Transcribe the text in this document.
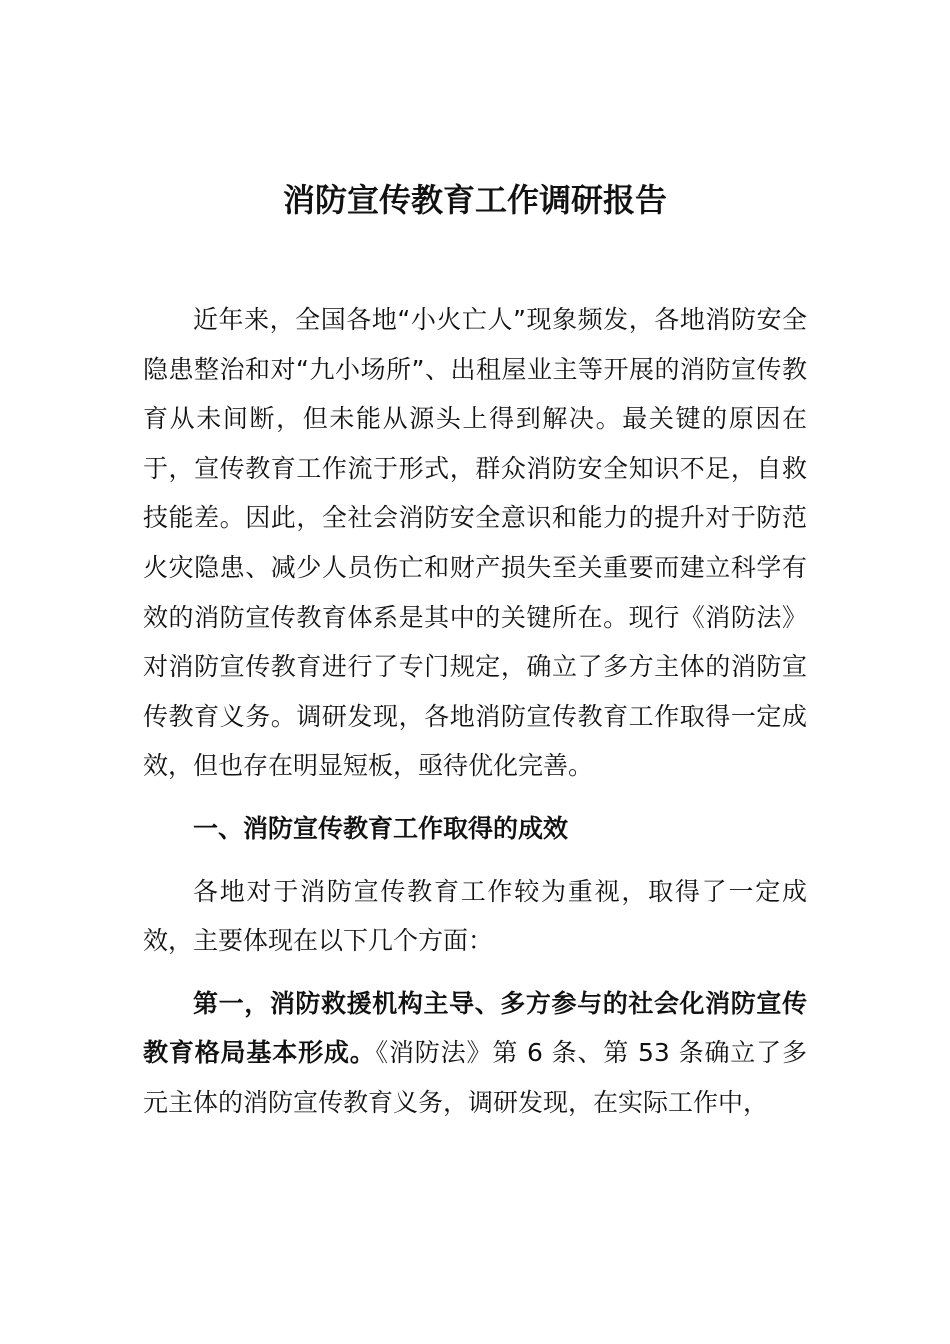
消防宣传教育工作调研报告

近年来，全国各地“小火亡人”现象频发，各地消防安全隐患整治和对“九小场所”、出租屋业主等开展的消防宣传教育从未间断，但未能从源头上得到解决。最关键的原因在于，宣传教育工作流于形式，群众消防安全知识不足，自救技能差。因此，全社会消防安全意识和能力的提升对于防范火灾隐患、减少人员伤亡和财产损失至关重要而建立科学有效的消防宣传教育体系是其中的关键所在。现行《消防法》对消防宣传教育进行了专门规定，确立了多方主体的消防宣传教育义务。调研发现，各地消防宣传教育工作取得一定成效，但也存在明显短板，亟待优化完善。

一、消防宣传教育工作取得的成效

各地对于消防宣传教育工作较为重视，取得了一定成效，主要体现在以下几个方面：

第一，消防救援机构主导、多方参与的社会化消防宣传教育格局基本形成。《消防法》第 6 条、第 53 条确立了多元主体的消防宣传教育义务，调研发现，在实际工作中，
